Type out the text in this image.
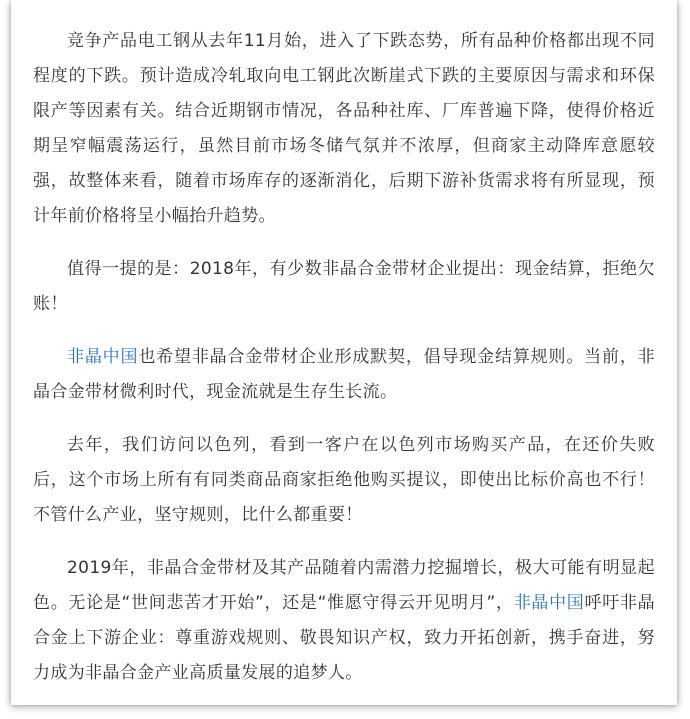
竞争产品电工钢从去年11月始，进入了下跌态势，所有品种价格都出现不同程度的下跌。预计造成冷轧取向电工钢此次断崖式下跌的主要原因与需求和环保限产等因素有关。结合近期钢市情况，各品种社库、厂库普遍下降，使得价格近期呈窄幅震荡运行，虽然目前市场冬储气氛并不浓厚，但商家主动降库意愿较强，故整体来看，随着市场库存的逐渐消化，后期下游补货需求将有所显现，预计年前价格将呈小幅抬升趋势。

值得一提的是：2018年，有少数非晶合金带材企业提出：现金结算，拒绝欠账！

非晶中国也希望非晶合金带材企业形成默契，倡导现金结算规则。当前，非晶合金带材微利时代，现金流就是生存生长流。

去年，我们访问以色列，看到一客户在以色列市场购买产品，在还价失败后，这个市场上所有有同类商品商家拒绝他购买提议，即使出比标价高也不行！不管什么产业，坚守规则，比什么都重要！

2019年，非晶合金带材及其产品随着内需潜力挖掘增长，极大可能有明显起色。无论是“世间悲苦才开始”，还是“惟愿守得云开见明月”，非晶中国呼吁非晶合金上下游企业：尊重游戏规则、敬畏知识产权，致力开拓创新，携手奋进，努力成为非晶合金产业高质量发展的追梦人。
